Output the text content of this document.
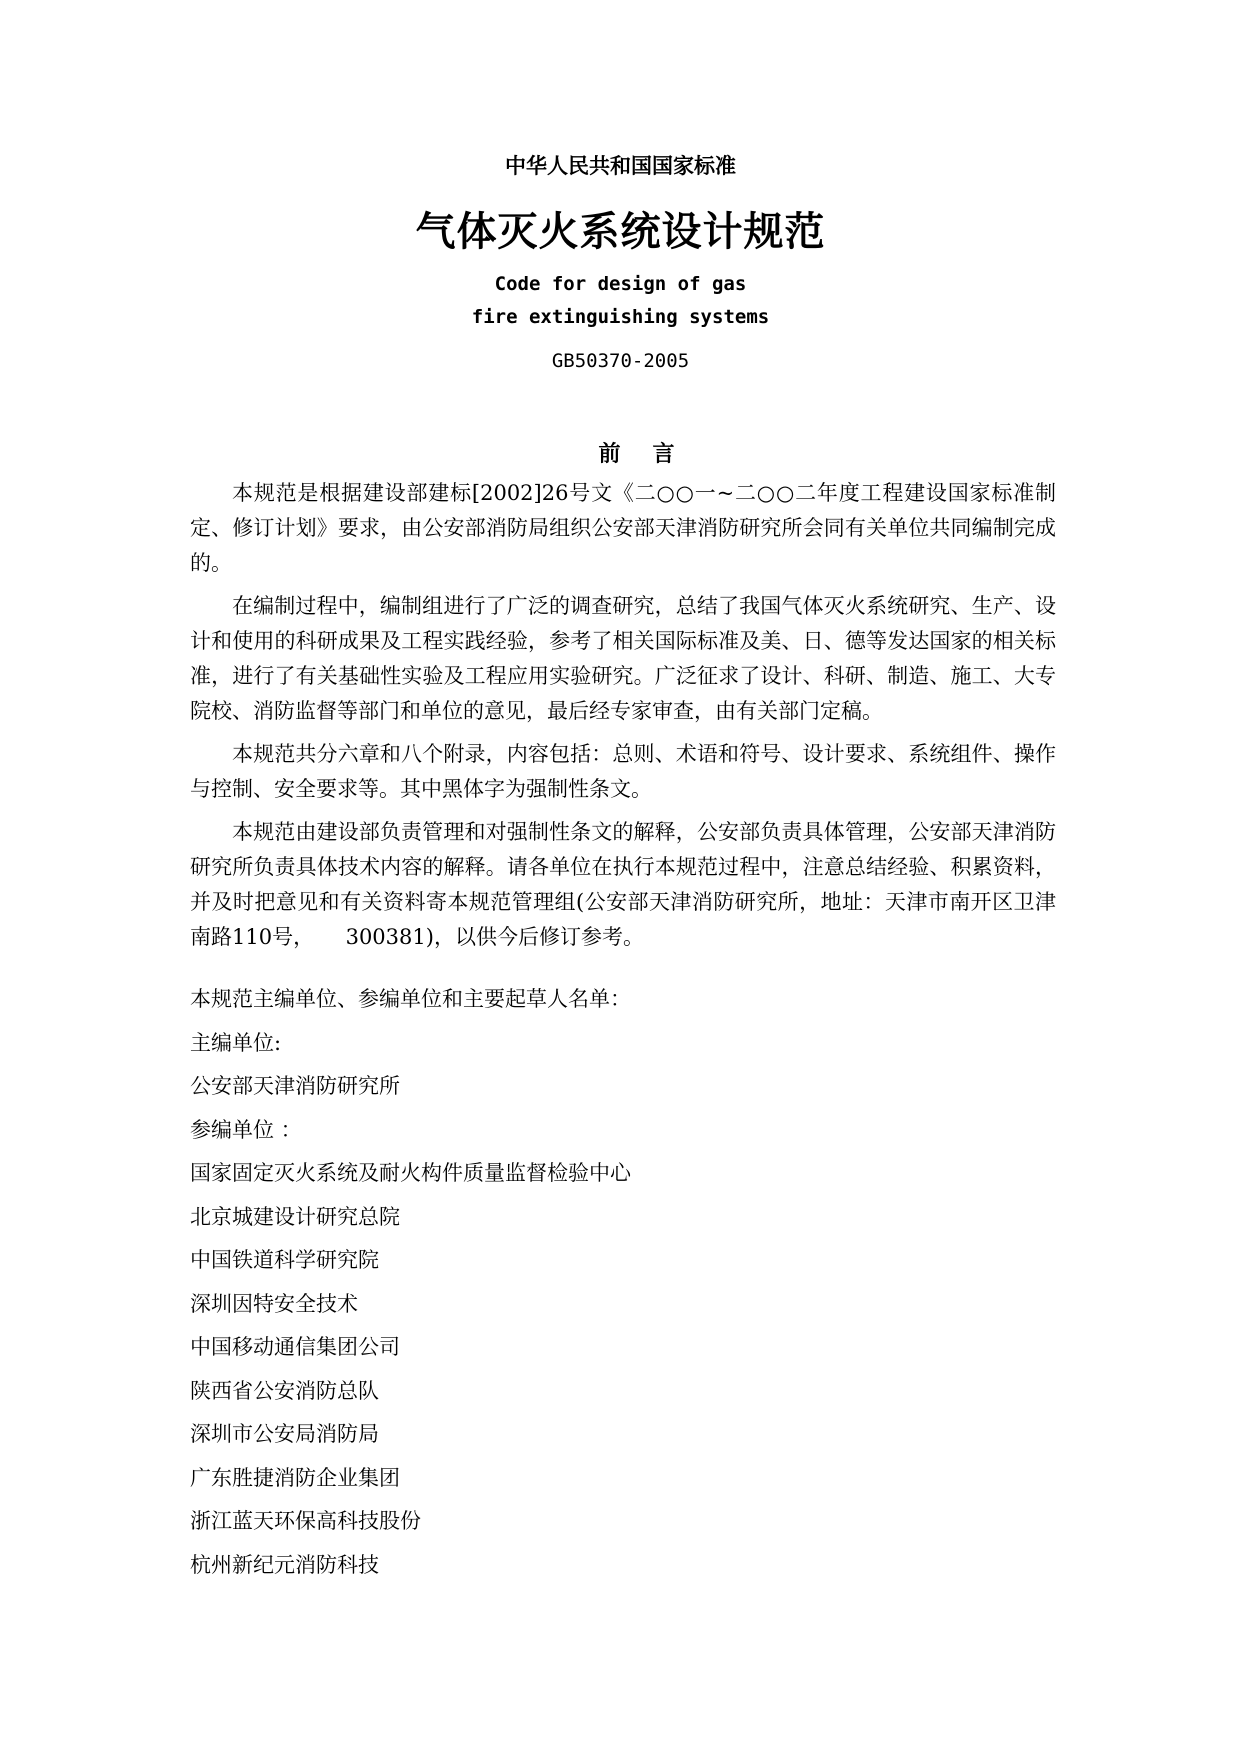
中华人民共和国国家标准
气体灭火系统设计规范
Code for design of gas
fire extinguishing systems
GB50370-2005
前言

本规范是根据建设部建标[2002]26号文《二○○一~二○○二年度工程建设国家标准制定、修订计划》要求，由公安部消防局组织公安部天津消防研究所会同有关单位共同编制完成的。

在编制过程中，编制组进行了广泛的调查研究，总结了我国气体灭火系统研究、生产、设计和使用的科研成果及工程实践经验，参考了相关国际标准及美、日、德等发达国家的相关标准，进行了有关基础性实验及工程应用实验研究。广泛征求了设计、科研、制造、施工、大专院校、消防监督等部门和单位的意见，最后经专家审查，由有关部门定稿。

本规范共分六章和八个附录，内容包括：总则、术语和符号、设计要求、系统组件、操作与控制、安全要求等。其中黑体字为强制性条文。

本规范由建设部负责管理和对强制性条文的解释，公安部负责具体管理，公安部天津消防研究所负责具体技术内容的解释。请各单位在执行本规范过程中，注意总结经验、积累资料，并及时把意见和有关资料寄本规范管理组(公安部天津消防研究所，地址：天津市南开区卫津南路110号，　　300381)，以供今后修订参考。

本规范主编单位、参编单位和主要起草人名单：
主编单位:
公安部天津消防研究所
参编单位 ：
国家固定灭火系统及耐火构件质量监督检验中心
北京城建设计研究总院
中国铁道科学研究院
深圳因特安全技术
中国移动通信集团公司
陕西省公安消防总队
深圳市公安局消防局
广东胜捷消防企业集团
浙江蓝天环保高科技股份
杭州新纪元消防科技
